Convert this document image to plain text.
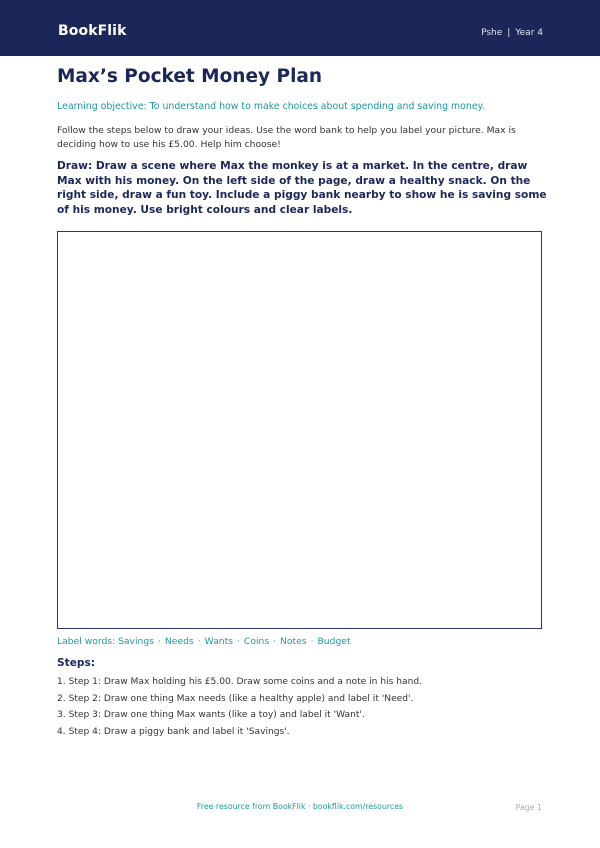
BookFlik	Pshe | Year 4
Max’s Pocket Money Plan
Learning objective: To understand how to make choices about spending and saving money.
Follow the steps below to draw your ideas. Use the word bank to help you label your picture. Max is deciding how to use his £5.00. Help him choose!
Draw: Draw a scene where Max the monkey is at a market. In the centre, draw Max with his money. On the left side of the page, draw a healthy snack. On the right side, draw a fun toy. Include a piggy bank nearby to show he is saving some of his money. Use bright colours and clear labels.
Label words: Savings · Needs · Wants · Coins · Notes · Budget
Steps:
1. Step 1: Draw Max holding his £5.00. Draw some coins and a note in his hand.
2. Step 2: Draw one thing Max needs (like a healthy apple) and label it 'Need'.
3. Step 3: Draw one thing Max wants (like a toy) and label it 'Want'.
4. Step 4: Draw a piggy bank and label it 'Savings'.
Free resource from BookFlik · bookflik.com/resources	Page 1
